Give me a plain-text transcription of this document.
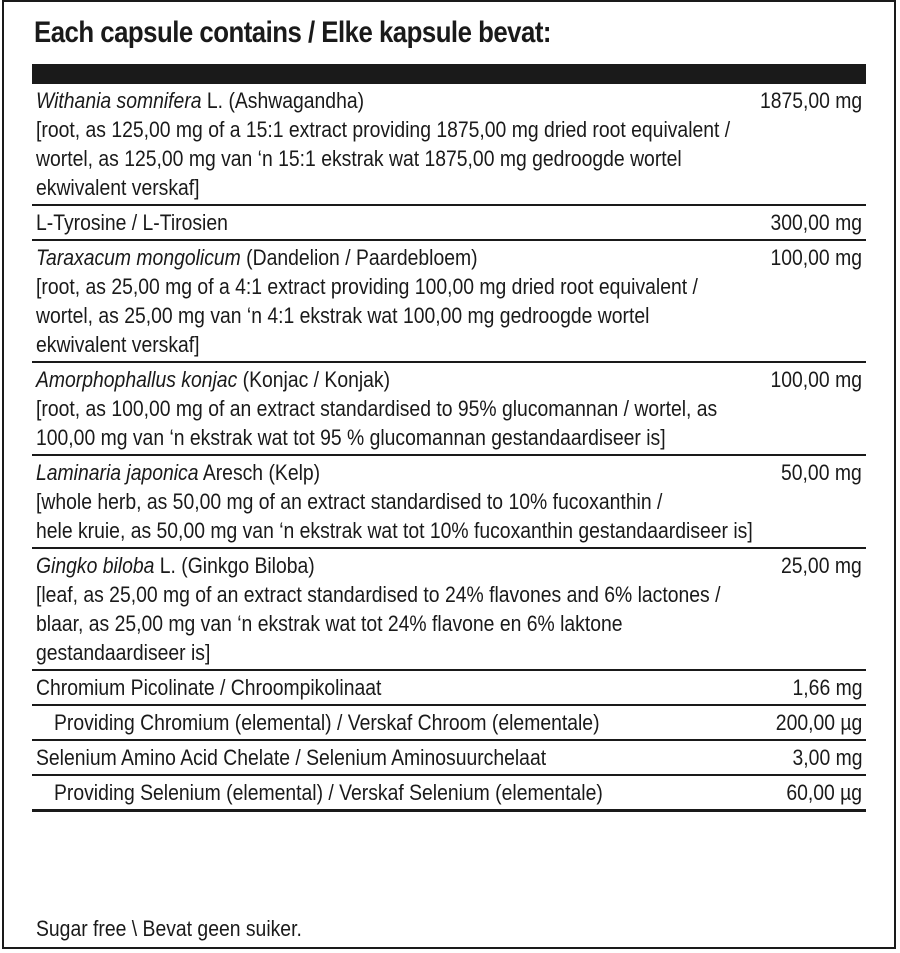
Each capsule contains / Elke kapsule bevat:
Withania somnifera L. (Ashwagandha)	1875,00 mg
[root, as 125,00 mg of a 15:1 extract providing 1875,00 mg dried root equivalent /
wortel, as 125,00 mg van ‘n 15:1 ekstrak wat 1875,00 mg gedroogde wortel
ekwivalent verskaf]
L-Tyrosine / L-Tirosien	300,00 mg
Taraxacum mongolicum (Dandelion / Paardebloem)	100,00 mg
[root, as 25,00 mg of a 4:1 extract providing 100,00 mg dried root equivalent /
wortel, as 25,00 mg van ‘n 4:1 ekstrak wat 100,00 mg gedroogde wortel
ekwivalent verskaf]
Amorphophallus konjac (Konjac / Konjak)	100,00 mg
[root, as 100,00 mg of an extract standardised to 95% glucomannan / wortel, as
100,00 mg van ‘n ekstrak wat tot 95 % glucomannan gestandaardiseer is]
Laminaria japonica Aresch (Kelp)	50,00 mg
[whole herb, as 50,00 mg of an extract standardised to 10% fucoxanthin /
hele kruie, as 50,00 mg van ‘n ekstrak wat tot 10% fucoxanthin gestandaardiseer is]
Gingko biloba L. (Ginkgo Biloba)	25,00 mg
[leaf, as 25,00 mg of an extract standardised to 24% flavones and 6% lactones /
blaar, as 25,00 mg van ‘n ekstrak wat tot 24% flavone en 6% laktone
gestandaardiseer is]
Chromium Picolinate / Chroompikolinaat	1,66 mg
Providing Chromium (elemental) / Verskaf Chroom (elementale)	200,00 µg
Selenium Amino Acid Chelate / Selenium Aminosuurchelaat	3,00 mg
Providing Selenium (elemental) / Verskaf Selenium (elementale)	60,00 µg
Sugar free \ Bevat geen suiker.
